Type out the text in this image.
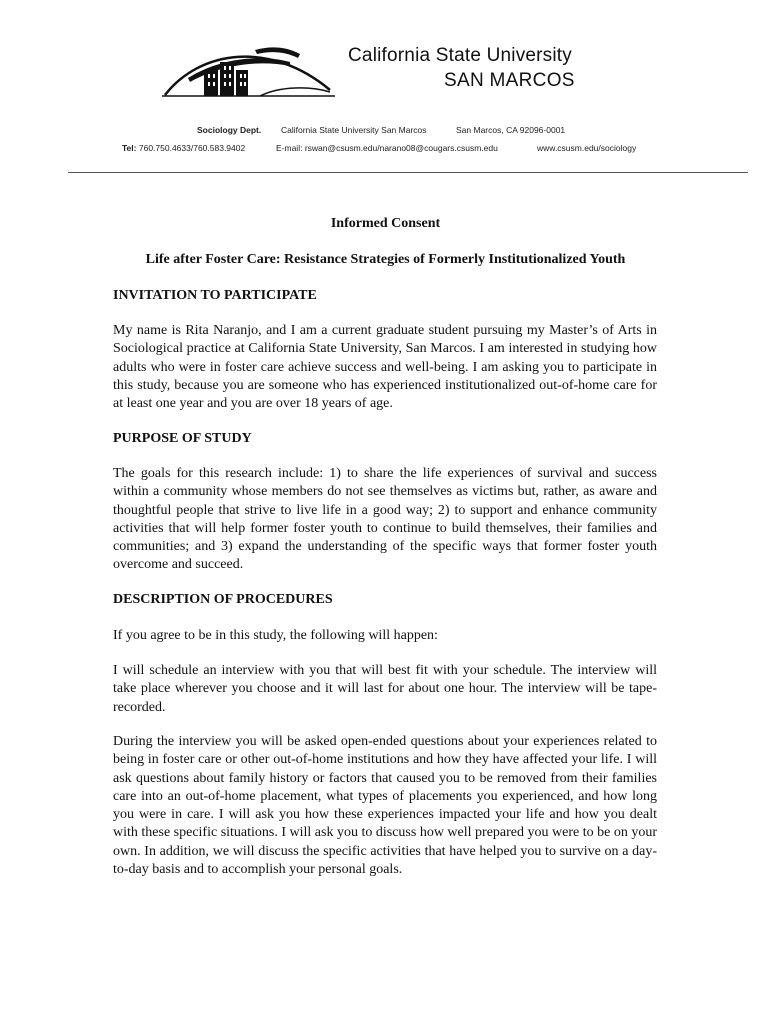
California State University
SAN MARCOS
Sociology Dept. California State University San Marcos	San Marcos, CA 92096-0001
Tel: 760.750.4633/760.583.9402	E-mail: rswan@csusm.edu/narano08@cougars.csusm.edu	www.csusm.edu/sociology
Informed Consent
Life after Foster Care: Resistance Strategies of Formerly Institutionalized Youth
INVITATION TO PARTICIPATE

My name is Rita Naranjo, and I am a current graduate student pursuing my Master’s of Arts in Sociological practice at California State University, San Marcos. I am interested in studying how adults who were in foster care achieve success and well-being. I am asking you to participate in this study, because you are someone who has experienced institutionalized out-of-home care for at least one year and you are over 18 years of age.

PURPOSE OF STUDY

The goals for this research include: 1) to share the life experiences of survival and success within a community whose members do not see themselves as victims but, rather, as aware and thoughtful people that strive to live life in a good way; 2) to support and enhance community activities that will help former foster youth to continue to build themselves, their families and communities; and 3) expand the understanding of the specific ways that former foster youth overcome and succeed.

DESCRIPTION OF PROCEDURES

If you agree to be in this study, the following will happen:

I will schedule an interview with you that will best fit with your schedule. The interview will take place wherever you choose and it will last for about one hour. The interview will be tape-recorded.

During the interview you will be asked open-ended questions about your experiences related to being in foster care or other out-of-home institutions and how they have affected your life. I will ask questions about family history or factors that caused you to be removed from their families care into an out-of-home placement, what types of placements you experienced, and how long you were in care. I will ask you how these experiences impacted your life and how you dealt with these specific situations. I will ask you to discuss how well prepared you were to be on your own. In addition, we will discuss the specific activities that have helped you to survive on a day-to-day basis and to accomplish your personal goals.
